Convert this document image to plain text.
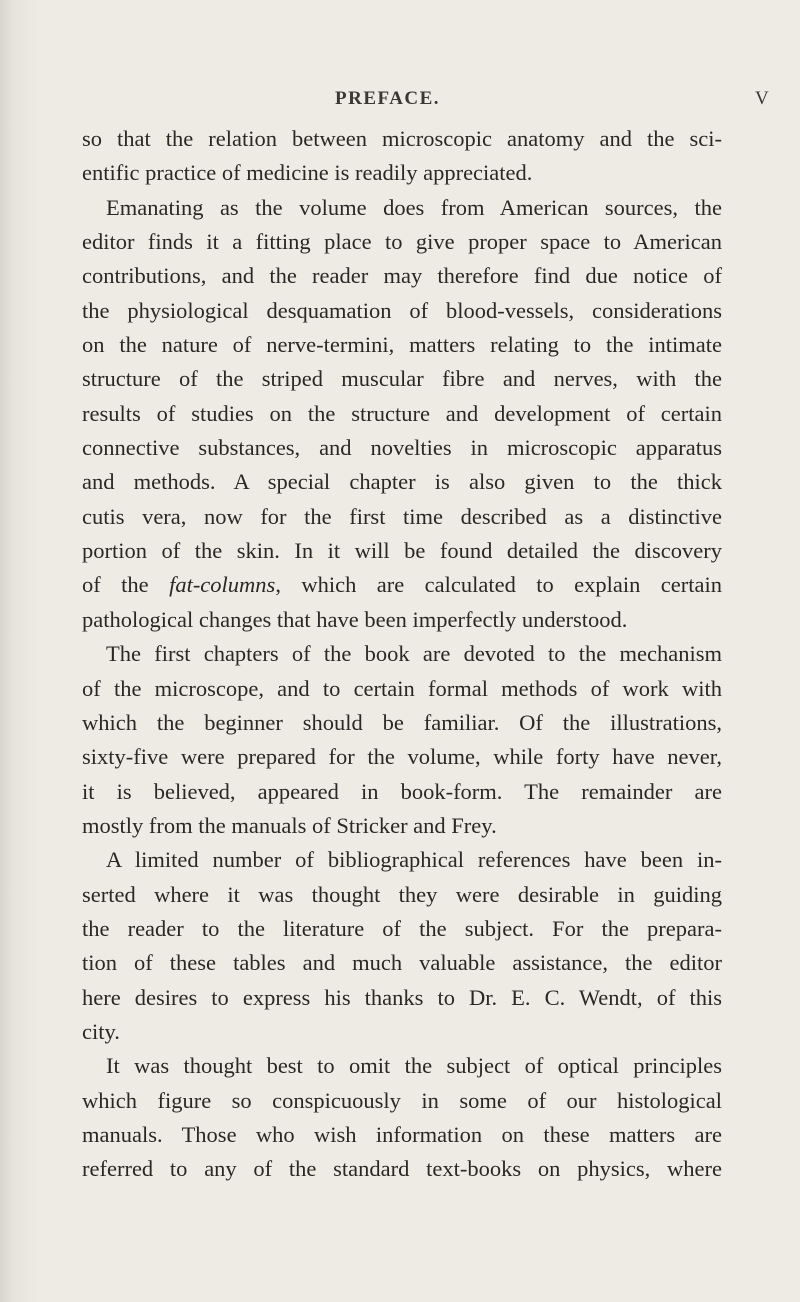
PREFACE.	V
so that the relation between microscopic anatomy and the sci-
entific practice of medicine is readily appreciated.
Emanating as the volume does from American sources, the
editor finds it a fitting place to give proper space to American
contributions, and the reader may therefore find due notice of
the physiological desquamation of blood-vessels, considerations
on the nature of nerve-termini, matters relating to the intimate
structure of the striped muscular fibre and nerves, with the
results of studies on the structure and development of certain
connective substances, and novelties in microscopic apparatus
and methods. A special chapter is also given to the thick
cutis vera, now for the first time described as a distinctive
portion of the skin. In it will be found detailed the discovery
of the fat-columns, which are calculated to explain certain
pathological changes that have been imperfectly understood.
The first chapters of the book are devoted to the mechanism
of the microscope, and to certain formal methods of work with
which the beginner should be familiar. Of the illustrations,
sixty-five were prepared for the volume, while forty have never,
it is believed, appeared in book-form. The remainder are
mostly from the manuals of Stricker and Frey.
A limited number of bibliographical references have been in-
serted where it was thought they were desirable in guiding
the reader to the literature of the subject. For the prepara-
tion of these tables and much valuable assistance, the editor
here desires to express his thanks to Dr. E. C. Wendt, of this
city.
It was thought best to omit the subject of optical principles
which figure so conspicuously in some of our histological
manuals. Those who wish information on these matters are
referred to any of the standard text-books on physics, where
